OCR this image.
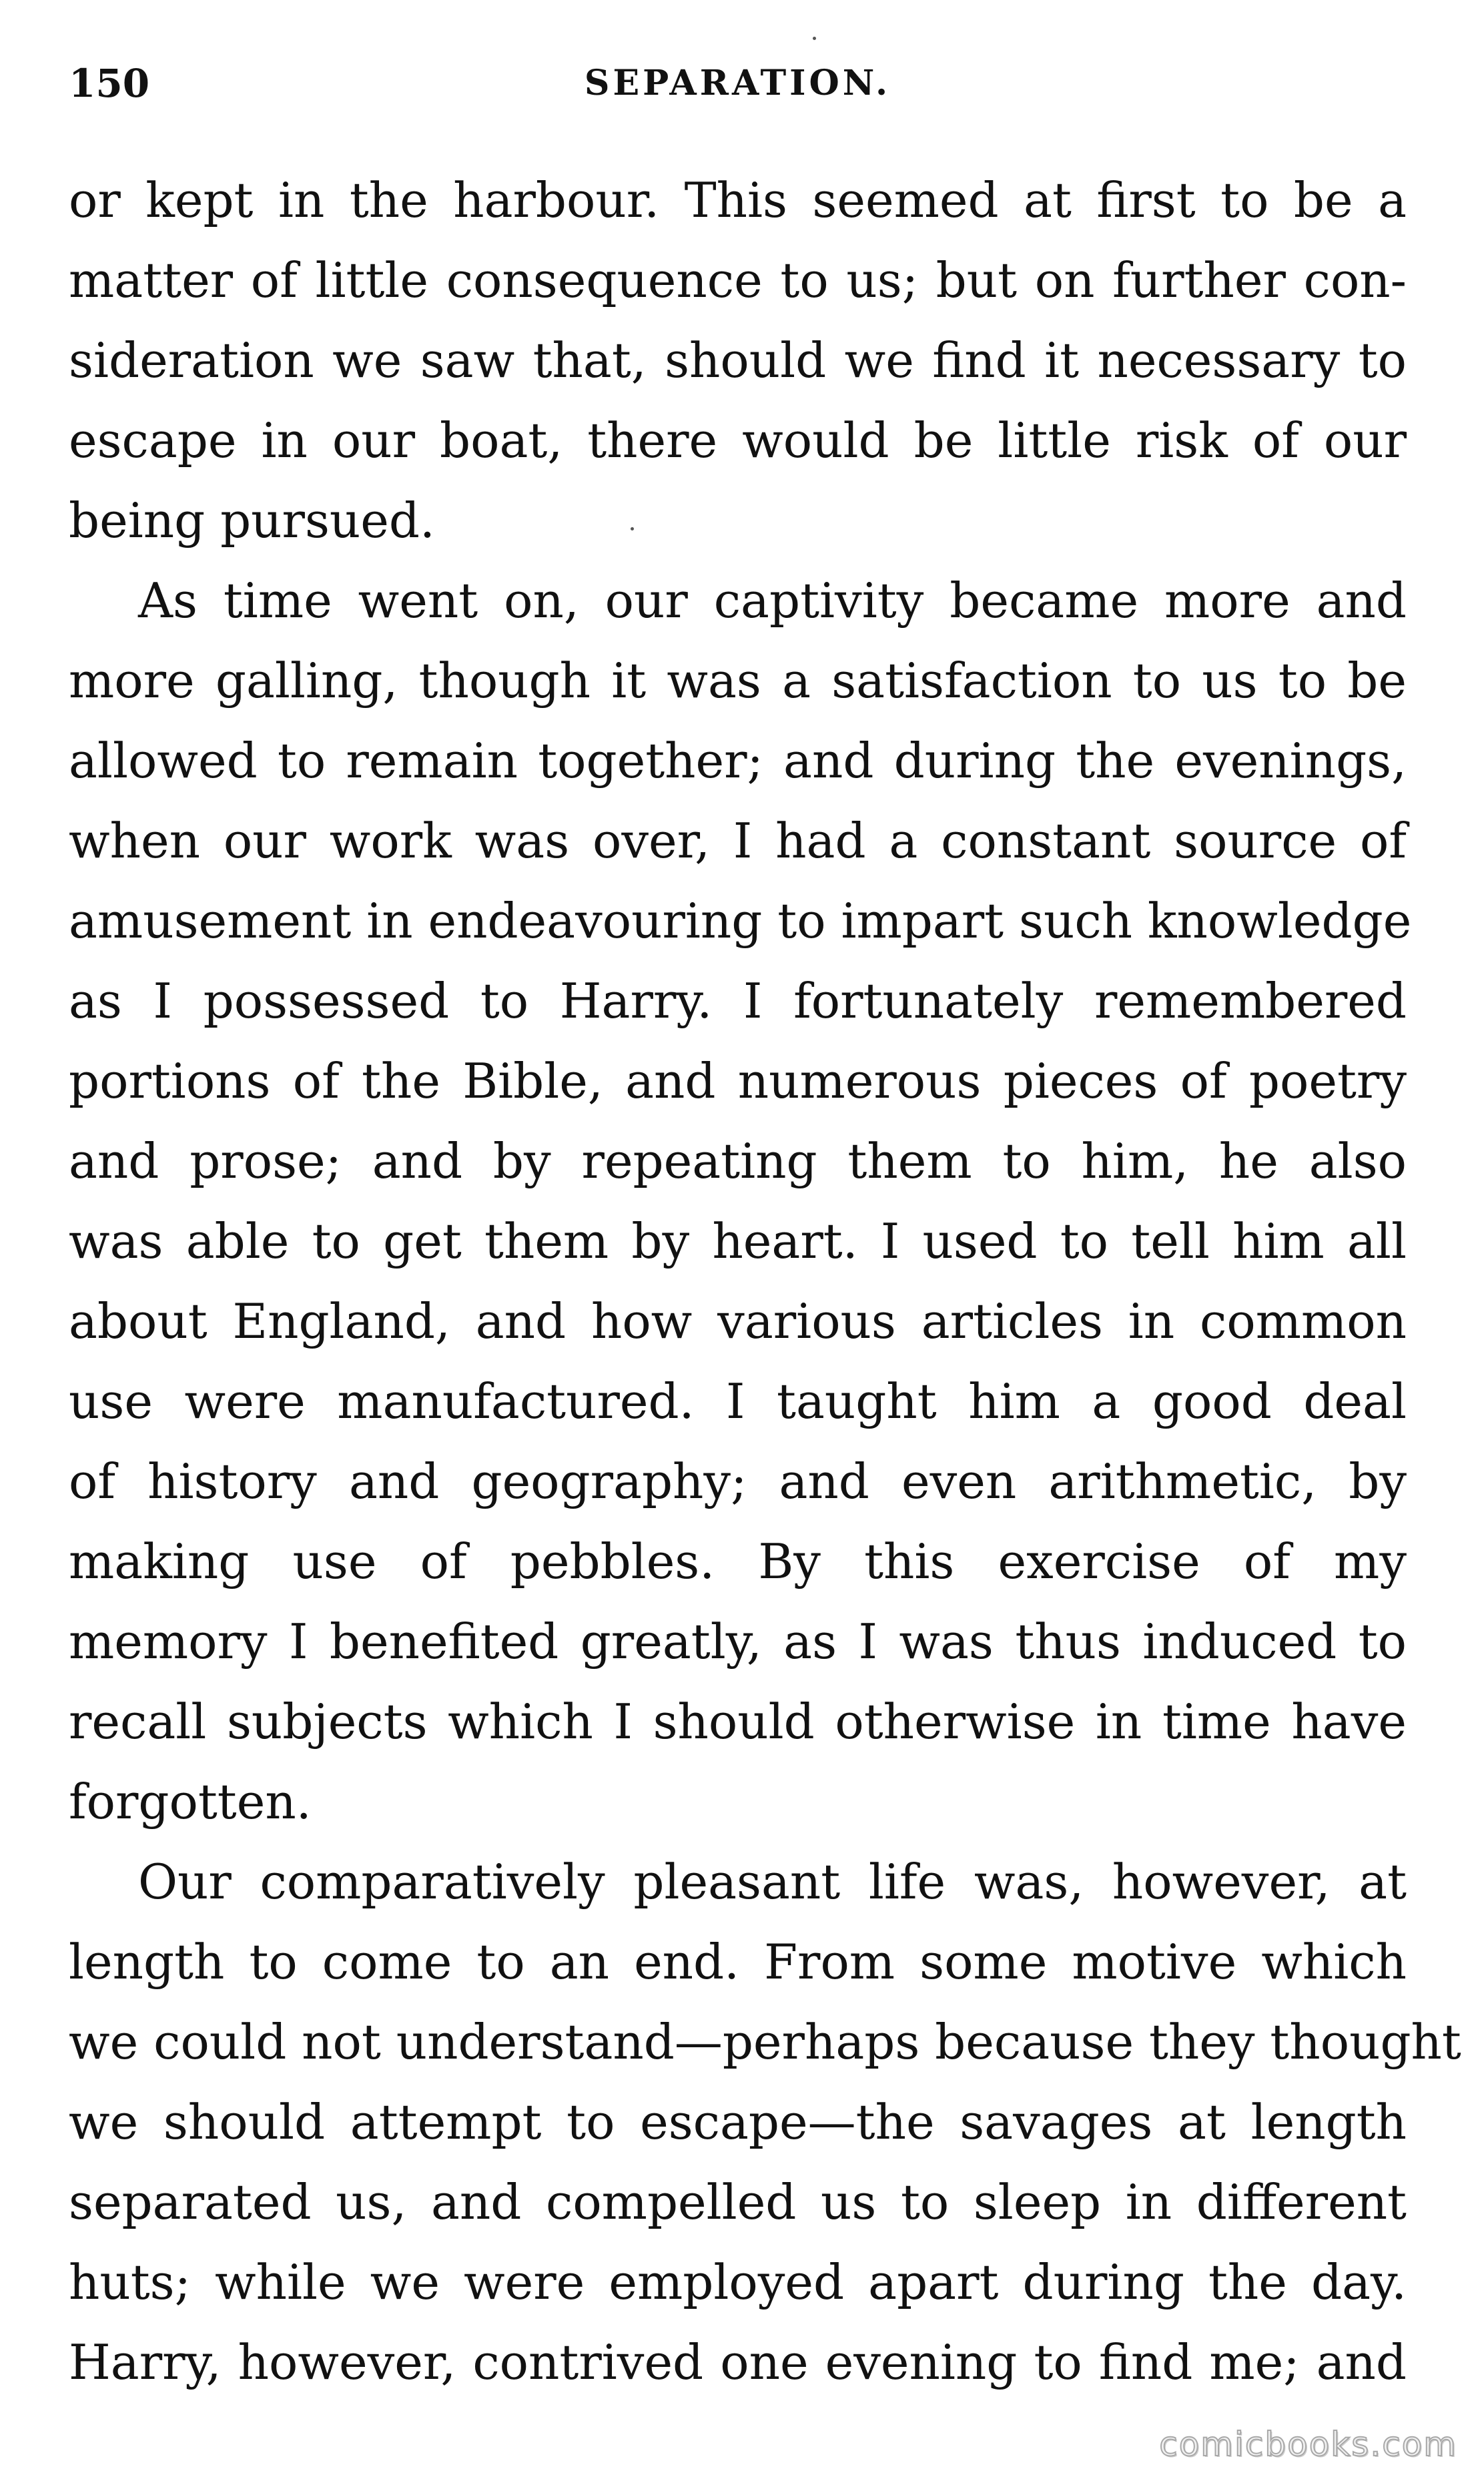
150	SEPARATION.
or kept in the harbour. This seemed at first to be a
matter of little consequence to us; but on further con-
sideration we saw that, should we find it necessary to
escape in our boat, there would be little risk of our
being pursued.
As time went on, our captivity became more and
more galling, though it was a satisfaction to us to be
allowed to remain together; and during the evenings,
when our work was over, I had a constant source of
amusement in endeavouring to impart such knowledge
as I possessed to Harry. I fortunately remembered
portions of the Bible, and numerous pieces of poetry
and prose; and by repeating them to him, he also
was able to get them by heart. I used to tell him all
about England, and how various articles in common
use were manufactured. I taught him a good deal
of history and geography; and even arithmetic, by
making use of pebbles. By this exercise of my
memory I benefited greatly, as I was thus induced to
recall subjects which I should otherwise in time have
forgotten.
Our comparatively pleasant life was, however, at
length to come to an end. From some motive which
we could not understand—perhaps because they thought
we should attempt to escape—the savages at length
separated us, and compelled us to sleep in different
huts; while we were employed apart during the day.
Harry, however, contrived one evening to find me; and
comicbooks.com
